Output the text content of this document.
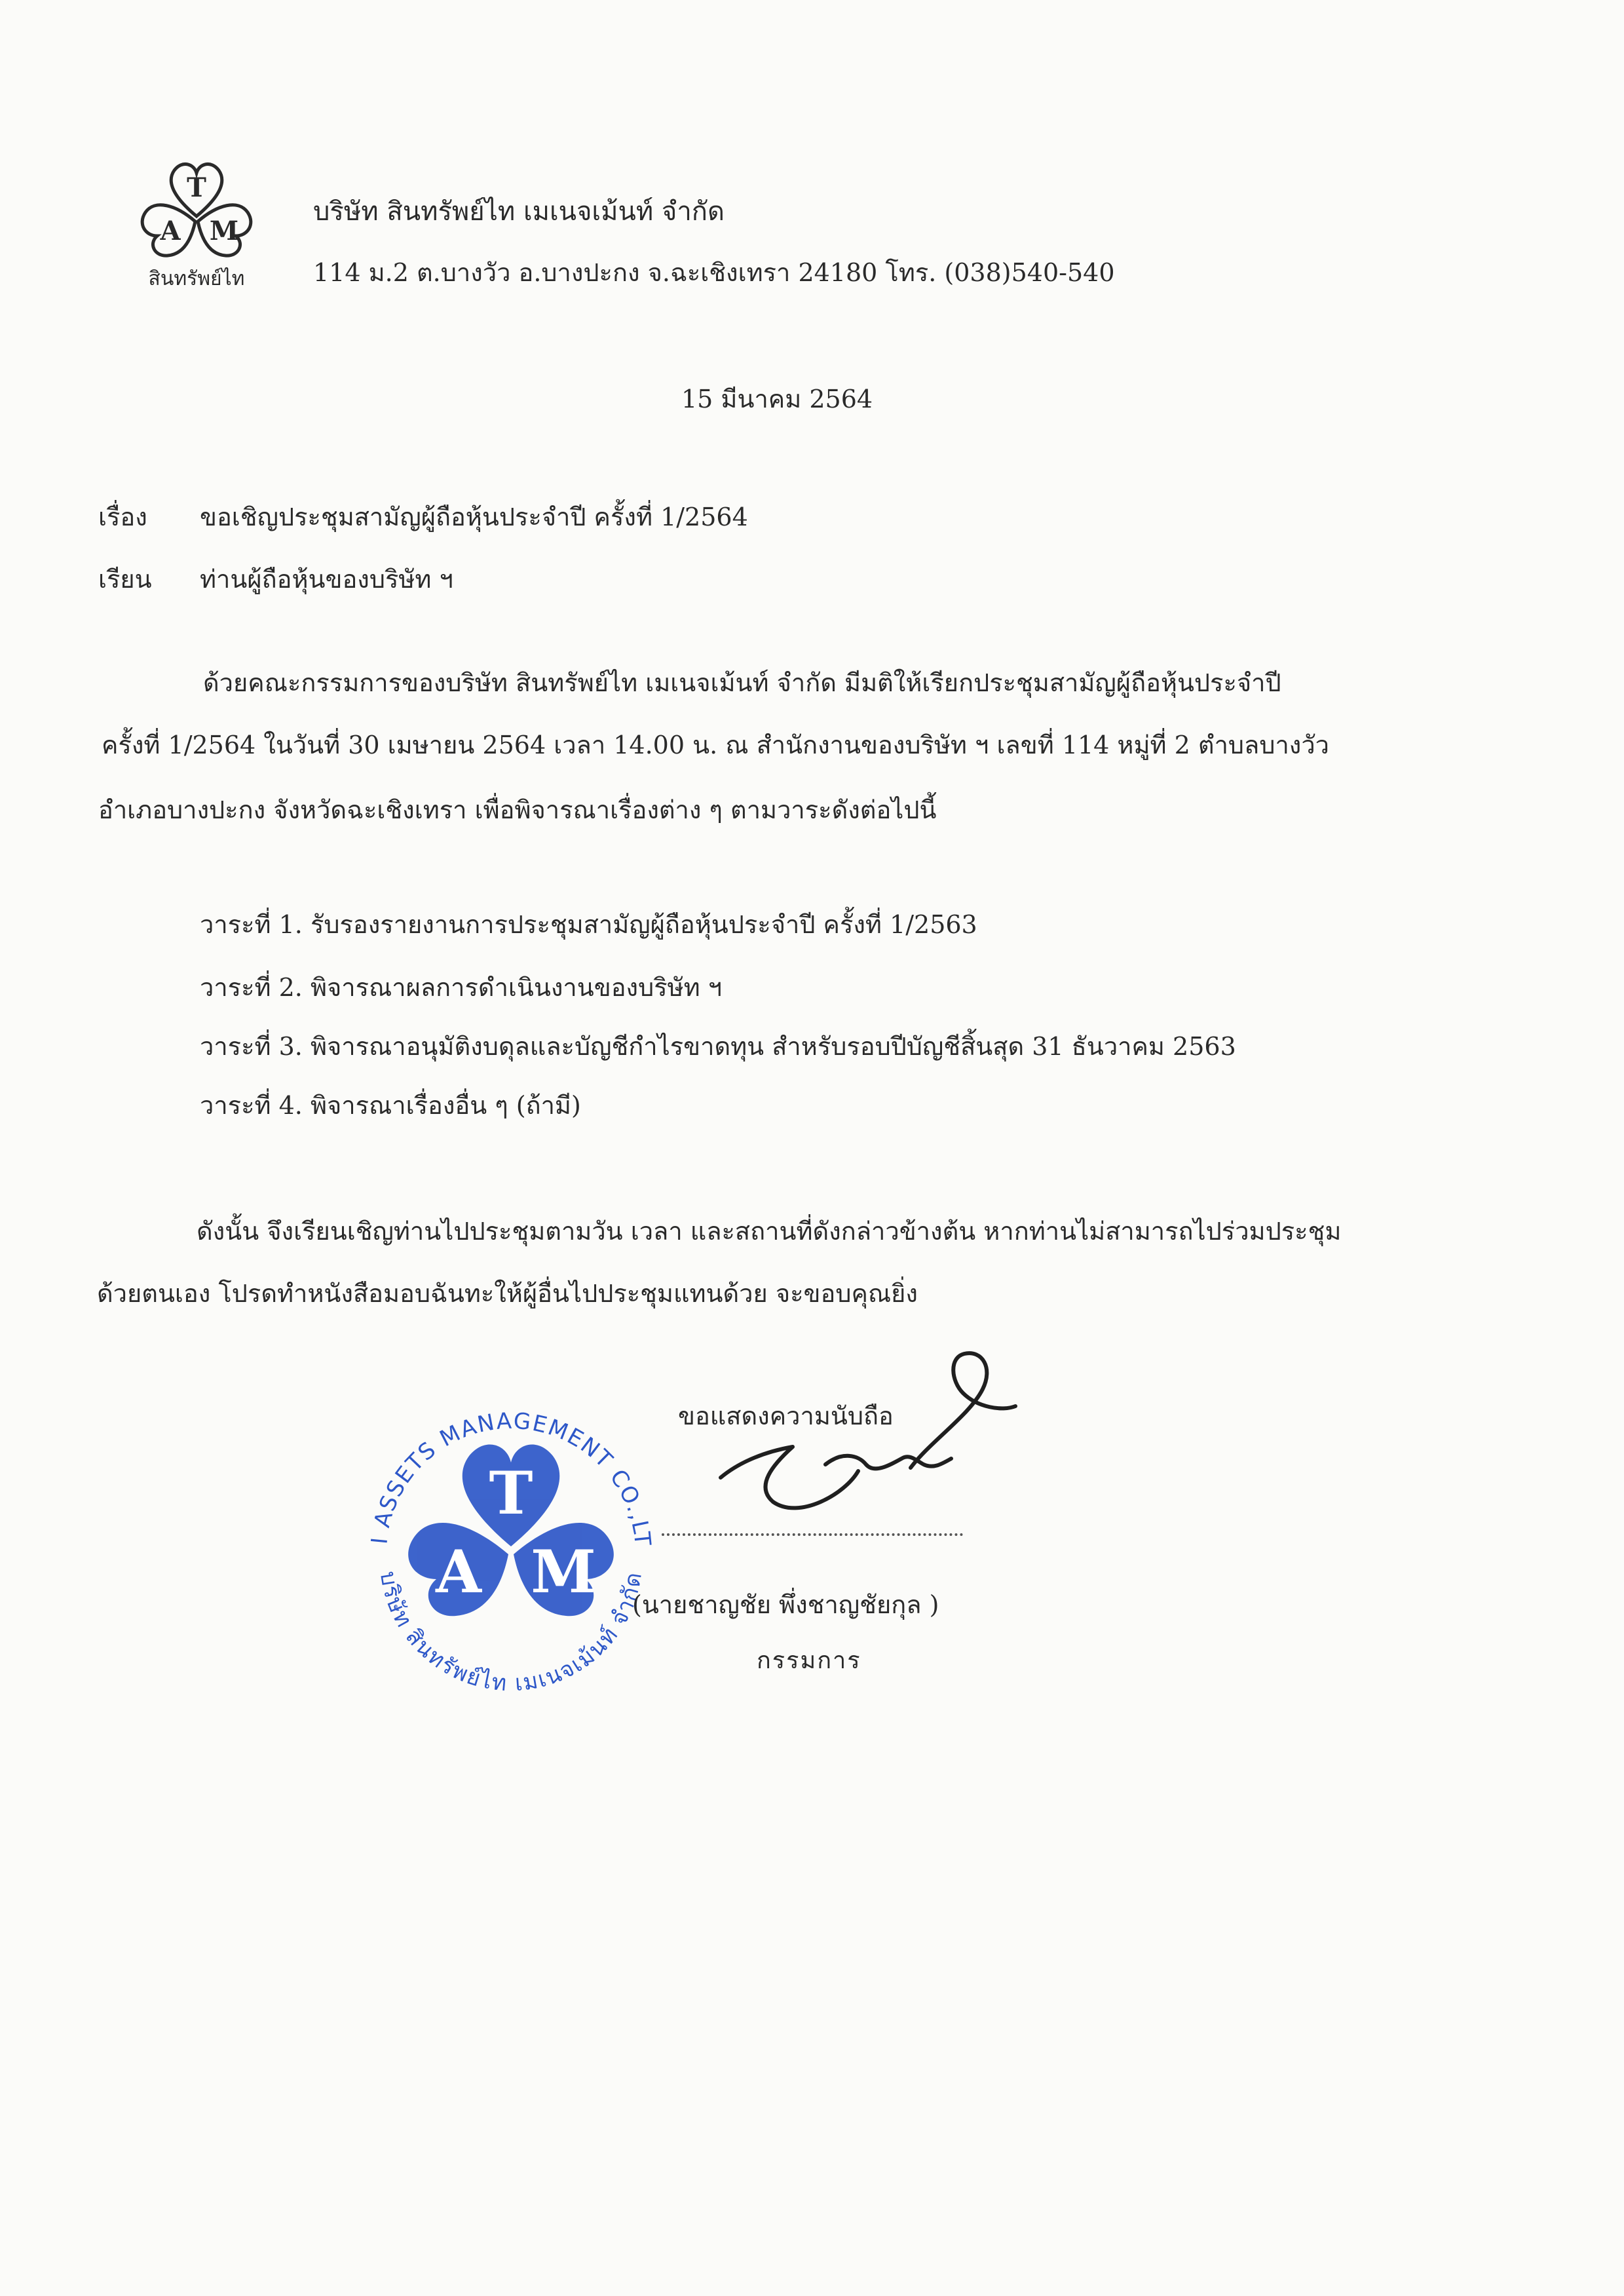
T
A M
สินทรัพย์ไท

บริษัท สินทรัพย์ไท เมเนจเม้นท์ จำกัด

114 ม.2 ต.บางวัว อ.บางปะกง จ.ฉะเชิงเทรา 24180 โทร. (038)540-540

15 มีนาคม 2564

เรื่อง ขอเชิญประชุมสามัญผู้ถือหุ้นประจำปี ครั้งที่ 1/2564

เรียน ท่านผู้ถือหุ้นของบริษัท ฯ

ด้วยคณะกรรมการของบริษัท สินทรัพย์ไท เมเนจเม้นท์ จำกัด มีมติให้เรียกประชุมสามัญผู้ถือหุ้นประจำปี

ครั้งที่ 1/2564 ในวันที่ 30 เมษายน 2564 เวลา 14.00 น. ณ สำนักงานของบริษัท ฯ เลขที่ 114 หมู่ที่ 2 ตำบลบางวัว

อำเภอบางปะกง จังหวัดฉะเชิงเทรา เพื่อพิจารณาเรื่องต่าง ๆ ตามวาระดังต่อไปนี้

วาระที่ 1. รับรองรายงานการประชุมสามัญผู้ถือหุ้นประจำปี ครั้งที่ 1/2563

วาระที่ 2. พิจารณาผลการดำเนินงานของบริษัท ฯ

วาระที่ 3. พิจารณาอนุมัติงบดุลและบัญชีกำไรขาดทุน สำหรับรอบปีบัญชีสิ้นสุด 31 ธันวาคม 2563

วาระที่ 4. พิจารณาเรื่องอื่น ๆ (ถ้ามี)

ดังนั้น จึงเรียนเชิญท่านไปประชุมตามวัน เวลา และสถานที่ดังกล่าวข้างต้น หากท่านไม่สามารถไปร่วมประชุม

ด้วยตนเอง โปรดทำหนังสือมอบฉันทะให้ผู้อื่นไปประชุมแทนด้วย จะขอบคุณยิ่ง

T
A M
I ASSETS MANAGEMENT CO.,LT
บริษัท สินทรัพย์ไท เมเนจเม้นท์ จำกัด

ขอแสดงความนับถือ

(นายชาญชัย พึ่งชาญชัยกุล )

กรรมการ
